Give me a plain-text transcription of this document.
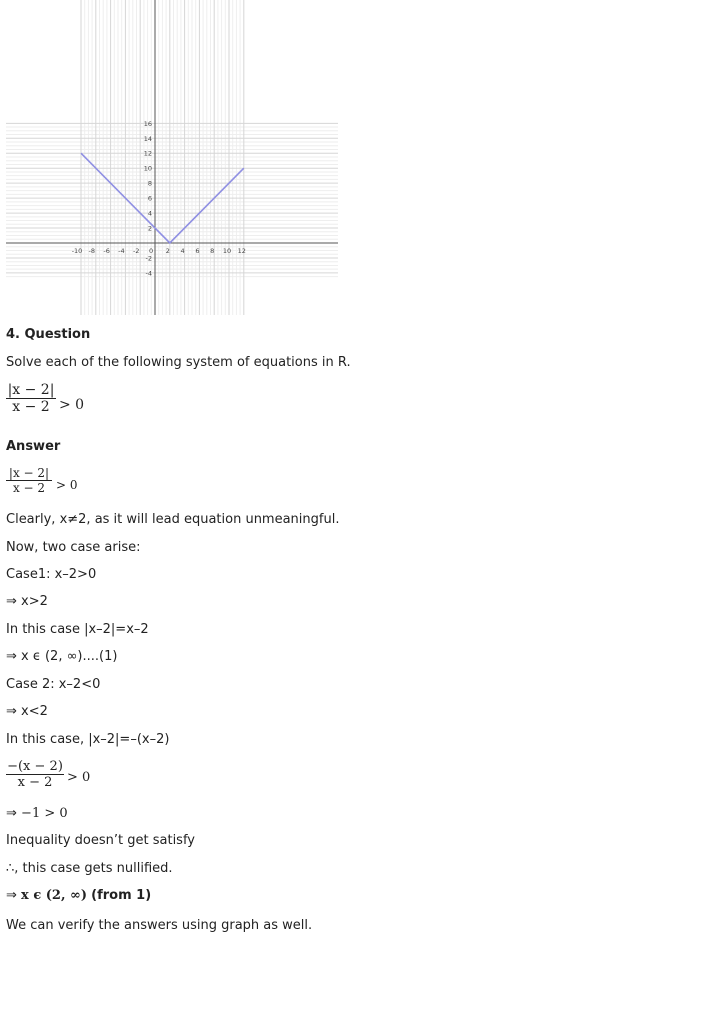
-10 -8 -6 -4 -2 0 2 4 6 8 10 12
16
14
12
10
8
6
4
2
-2
-4
4. Question
Solve each of the following system of equations in R.
|x − 2|
x − 2 > 0
Answer
|x − 2|
x − 2 > 0
Clearly, x≠2, as it will lead equation unmeaningful.
Now, two case arise:
Case1: x–2>0
⇒ x>2
In this case |x–2|=x–2
⇒ x ϵ (2, ∞)....(1)
Case 2: x–2<0
⇒ x<2
In this case, |x–2|=–(x–2)
−(x − 2)
x − 2	> 0
⇒ −1 > 0
Inequality doesn’t get satisfy
∴, this case gets nullified.
⇒ x ϵ (2, ∞) (from 1)
We can verify the answers using graph as well.
